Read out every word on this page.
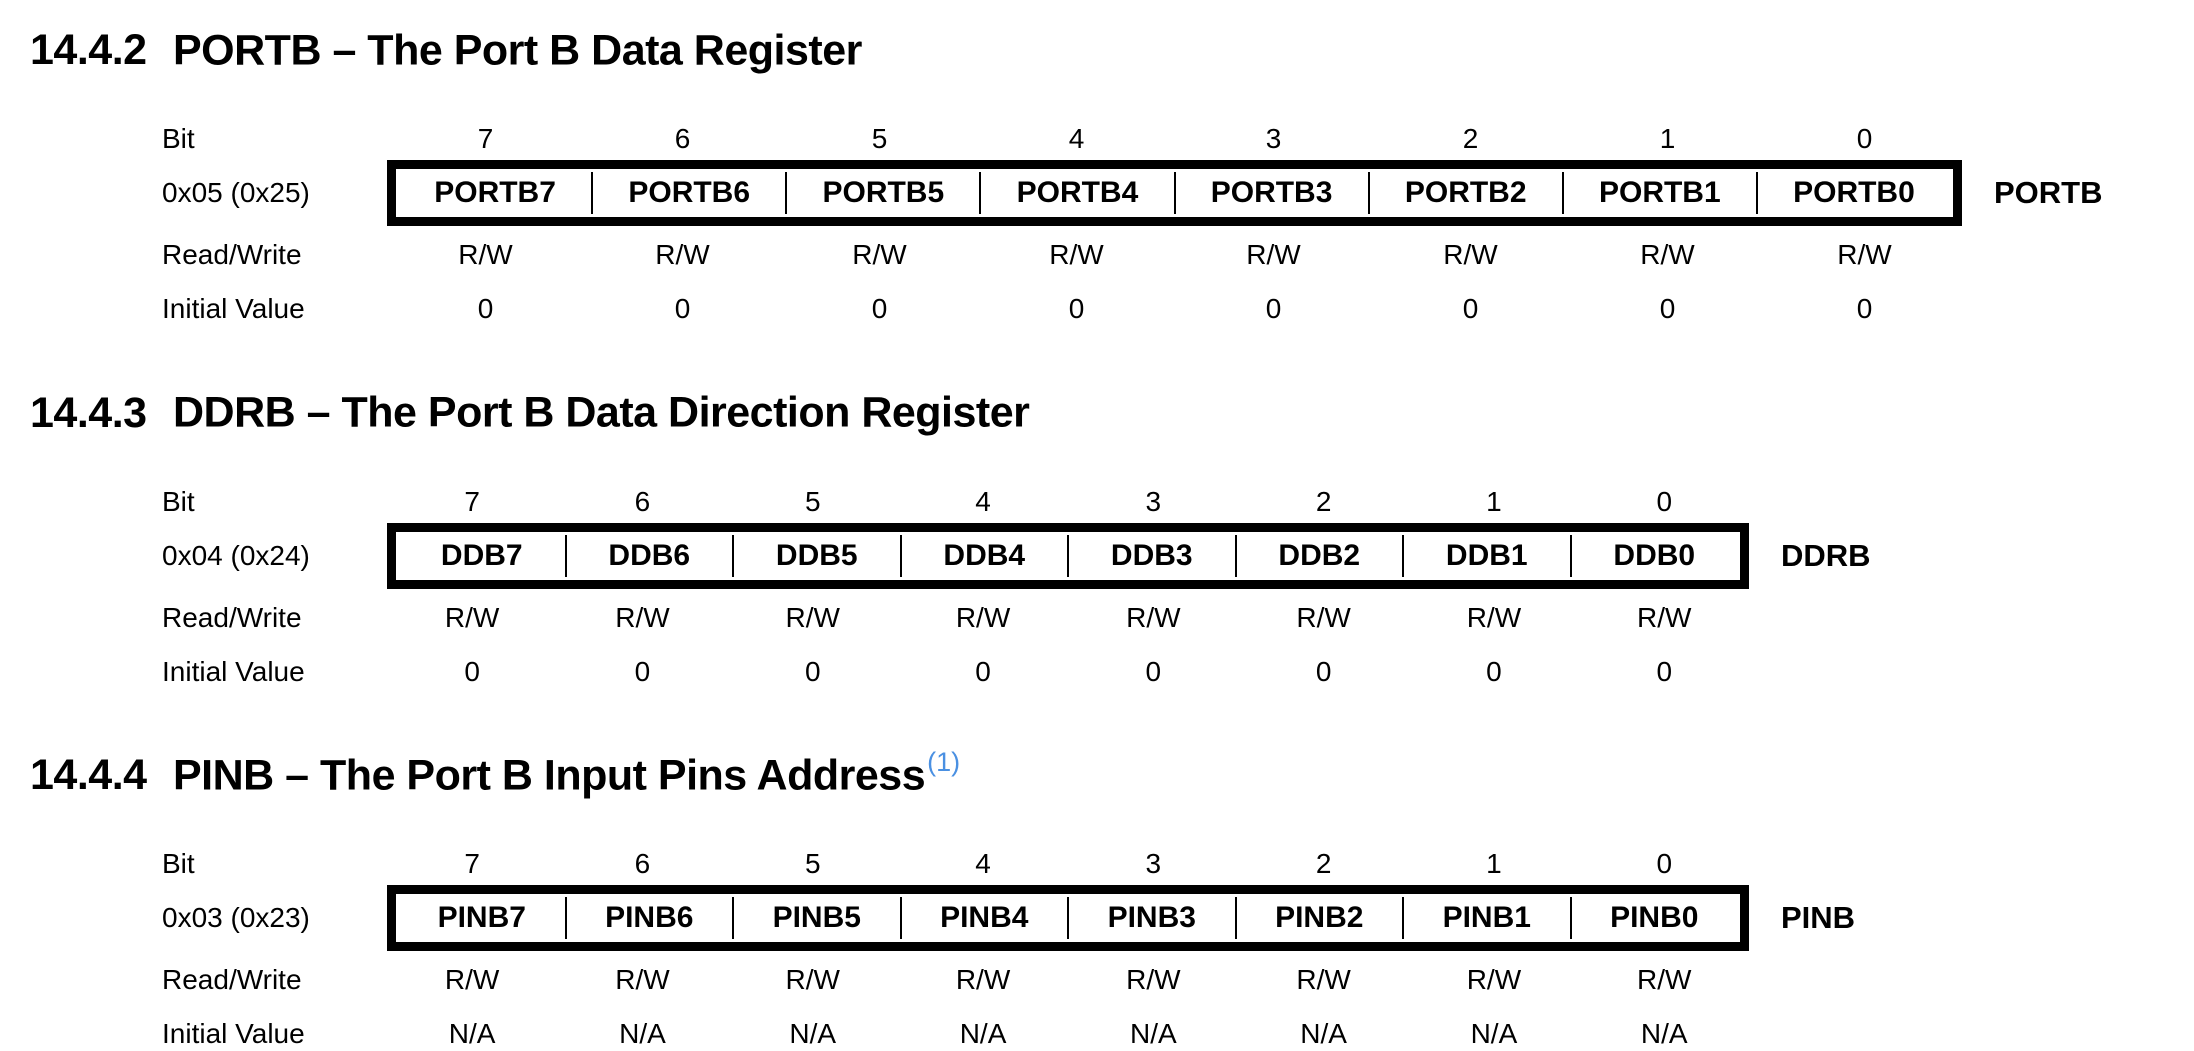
14.4.2 PORTB – The Port B Data Register
Bit	7	6	5	4	3	2	1	0
0x05 (0x25)	PORTB7	PORTB6	PORTB5	PORTB4	PORTB3	PORTB2	PORTB1	PORTB0	PORTB
Read/Write	R/W	R/W	R/W	R/W	R/W	R/W	R/W	R/W
Initial Value	0	0	0	0	0	0	0	0
14.4.3 DDRB – The Port B Data Direction Register
Bit	7	6	5	4	3	2	1	0
0x04 (0x24)	DDB7	DDB6	DDB5	DDB4	DDB3	DDB2	DDB1	DDB0	DDRB
Read/Write	R/W	R/W	R/W	R/W	R/W	R/W	R/W	R/W
Initial Value	0	0	0	0	0	0	0	0
14.4.4 PINB – The Port B Input Pins Address$^{(1)}$
Bit	7	6	5	4	3	2	1	0
0x03 (0x23)	PINB7	PINB6	PINB5	PINB4	PINB3	PINB2	PINB1	PINB0	PINB
Read/Write	R/W	R/W	R/W	R/W	R/W	R/W	R/W	R/W
Initial Value	N/A	N/A	N/A	N/A	N/A	N/A	N/A	N/A
